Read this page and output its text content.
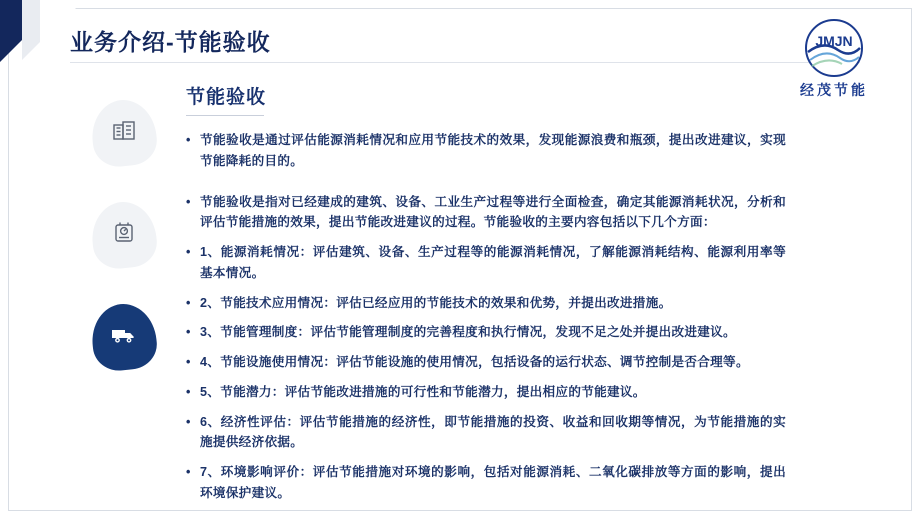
业务介绍-节能验收	JMJN
经茂节能
节能验收
• 节能验收是通过评估能源消耗情况和应用节能技术的效果，发现能源浪费和瓶颈，提出改进建议，实现节能降耗的目的。
• 节能验收是指对已经建成的建筑、设备、工业生产过程等进行全面检查，确定其能源消耗状况，分析和评估节能措施的效果，提出节能改进建议的过程。节能验收的主要内容包括以下几个方面：
• 1、能源消耗情况：评估建筑、设备、生产过程等的能源消耗情况，了解能源消耗结构、能源利用率等基本情况。
• 2、节能技术应用情况：评估已经应用的节能技术的效果和优势，并提出改进措施。
• 3、节能管理制度：评估节能管理制度的完善程度和执行情况，发现不足之处并提出改进建议。
• 4、节能设施使用情况：评估节能设施的使用情况，包括设备的运行状态、调节控制是否合理等。
• 5、节能潜力：评估节能改进措施的可行性和节能潜力，提出相应的节能建议。
• 6、经济性评估：评估节能措施的经济性，即节能措施的投资、收益和回收期等情况，为节能措施的实施提供经济依据。
• 7、环境影响评价：评估节能措施对环境的影响，包括对能源消耗、二氧化碳排放等方面的影响，提出环境保护建议。
